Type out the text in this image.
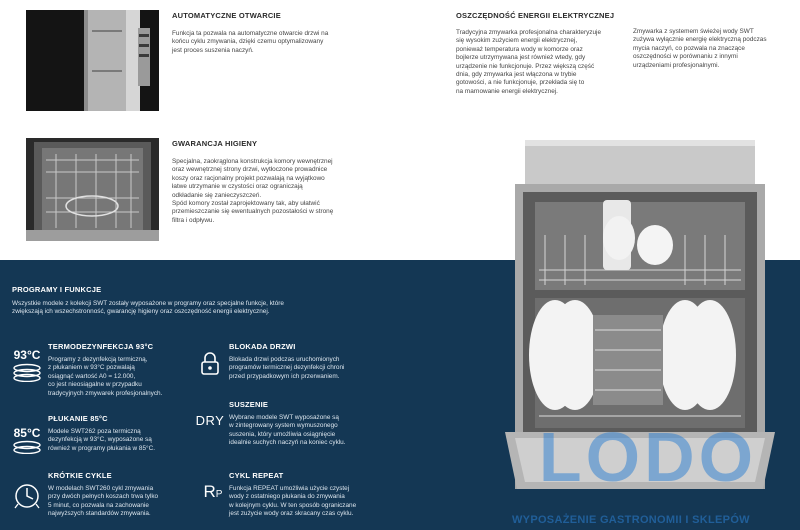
AUTOMATYCZNE OTWARCIE
Funkcja ta pozwala na automatyczne otwarcie drzwi na
końcu cyklu zmywania, dzięki czemu optymalizowany
jest proces suszenia naczyń.
GWARANCJA HIGIENY
Specjalna, zaokrąglona konstrukcja komory wewnętrznej
oraz wewnętrznej strony drzwi, wytłoczone prowadnice
koszy oraz racjonalny projekt pozwalają na wyjątkowo
łatwe utrzymanie w czystości oraz ograniczają
odkładanie się zanieczyszczeń.
Spód komory został zaprojektowany tak, aby ułatwić
przemieszczanie się ewentualnych pozostałości w stronę
filtra i odpływu.
OSZCZĘDNOŚĆ ENERGII ELEKTRYCZNEJ
Tradycyjna zmywarka profesjonalna charakteryzuje
się wysokim zużyciem energii elektrycznej,
ponieważ temperatura wody w komorze oraz
bojlerze utrzymywana jest również wtedy, gdy
urządzenie nie funkcjonuje. Przez większą część
dnia, gdy zmywarka jest włączona w trybie
gotowości, a nie funkcjonuje, przekłada się to
na marnowanie energii elektrycznej.
Zmywarka z systemem świeżej wody SWT
zużywa wyłącznie energię elektryczną podczas
mycia naczyń, co pozwala na znaczące
oszczędności w porównaniu z innymi
urządzeniami profesjonalnymi.
PROGRAMY I FUNKCJE
Wszystkie modele z kolekcji SWT zostały wyposażone w programy oraz specjalne funkcje, które
zwiększają ich wszechstronność, gwarancję higieny oraz oszczędność energii elektrycznej.
93°C
TERMODEZYNFEKCJA 93°C
Programy z dezynfekcją termiczną,
z płukaniem w 93°C pozwalają
osiągnąć wartość A0 = 12.000,
co jest nieosiągalne w przypadku
tradycyjnych zmywarek profesjonalnych.
85°C
PŁUKANIE 85°C
Modele SWT262 poza termiczną
dezynfekcją w 93°C, wyposażone są
również w programy płukania w 85°C.
KRÓTKIE CYKLE
W modelach SWT260 cykl zmywania
przy dwóch pełnych koszach trwa tylko
5 minut, co pozwala na zachowanie
najwyższych standardów zmywania.
BLOKADA DRZWI
Blokada drzwi podczas uruchomionych
programów termicznej dezynfekcji chroni
przed przypadkowym ich przerwaniem.
DRY
SUSZENIE
Wybrane modele SWT wyposażone są
w zintegrowany system wymuszonego
suszenia, który umożliwia osiągnięcie
idealnie suchych naczyń na koniec cyklu.
RP
CYKL REPEAT
Funkcja REPEAT umożliwia użycie czystej
wody z ostatniego płukania do zmywania
w kolejnym cyklu. W ten sposób ograniczane
jest zużycie wody oraz skracany czas cyklu.
LODO
WYPOSAŻENIE GASTRONOMII I SKLEPÓW
